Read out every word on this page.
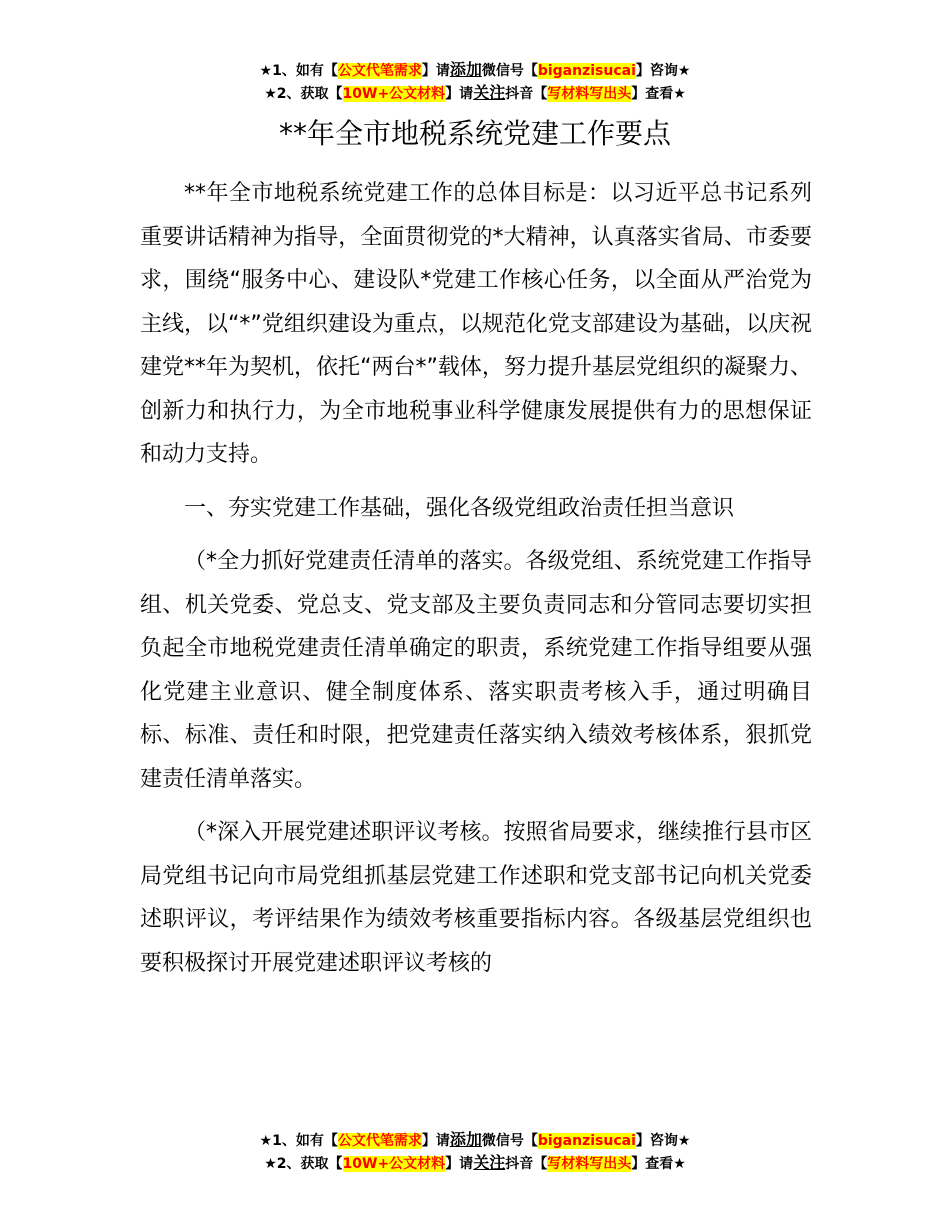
★1、如有【公文代笔需求】请添加微信号【biganzisucai】咨询★
★2、获取【10W+公文材料】请关注抖音【写材料写出头】查看★
**年全市地税系统党建工作要点

**年全市地税系统党建工作的总体目标是：以习近平总书记系列重要讲话精神为指导，全面贯彻党的*大精神，认真落实省局、市委要求，围绕“服务中心、建设队*党建工作核心任务，以全面从严治党为主线，以“*”党组织建设为重点，以规范化党支部建设为基础，以庆祝建党**年为契机，依托“两台*”载体，努力提升基层党组织的凝聚力、创新力和执行力，为全市地税事业科学健康发展提供有力的思想保证和动力支持。

一、夯实党建工作基础，强化各级党组政治责任担当意识

（*全力抓好党建责任清单的落实。各级党组、系统党建工作指导组、机关党委、党总支、党支部及主要负责同志和分管同志要切实担负起全市地税党建责任清单确定的职责，系统党建工作指导组要从强化党建主业意识、健全制度体系、落实职责考核入手，通过明确目标、标准、责任和时限，把党建责任落实纳入绩效考核体系，狠抓党建责任清单落实。

（*深入开展党建述职评议考核。按照省局要求，继续推行县市区局党组书记向市局党组抓基层党建工作述职和党支部书记向机关党委述职评议，考评结果作为绩效考核重要指标内容。各级基层党组织也要积极探讨开展党建述职评议考核的

★1、如有【公文代笔需求】请添加微信号【biganzisucai】咨询★
★2、获取【10W+公文材料】请关注抖音【写材料写出头】查看★
